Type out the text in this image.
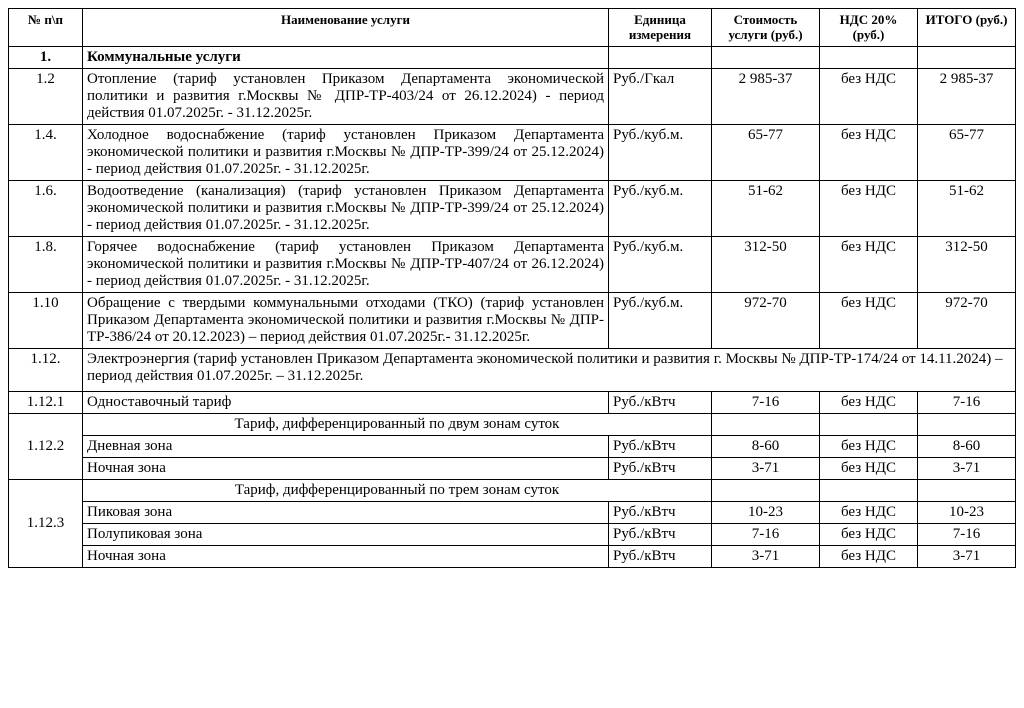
№ п\п	Наименование услуги	Единица измерения	Стоимость услуги (руб.)	НДС 20% (руб.)	ИТОГО (руб.)
1.	Коммунальные услуги				
1.2	Отопление (тариф установлен Приказом Департамента экономической политики и развития г.Москвы № ДПР-ТР-403/24 от 26.12.2024) - период действия 01.07.2025г. - 31.12.2025г.	Руб./Гкал	2 985-37	без НДС	2 985-37
1.4.	Холодное водоснабжение (тариф установлен Приказом Департамента экономической политики и развития г.Москвы № ДПР-ТР-399/24 от 25.12.2024) - период действия 01.07.2025г. - 31.12.2025г.	Руб./куб.м.	65-77	без НДС	65-77
1.6.	Водоотведение (канализация) (тариф установлен Приказом Департамента экономической политики и развития г.Москвы № ДПР-ТР-399/24 от 25.12.2024) - период действия 01.07.2025г. - 31.12.2025г.	Руб./куб.м.	51-62	без НДС	51-62
1.8.	Горячее водоснабжение (тариф установлен Приказом Департамента экономической политики и развития г.Москвы № ДПР-ТР-407/24 от 26.12.2024) - период действия 01.07.2025г. - 31.12.2025г.	Руб./куб.м.	312-50	без НДС	312-50
1.10	Обращение с твердыми коммунальными отходами (ТКО) (тариф установлен Приказом Департамента экономической политики и развития г.Москвы № ДПР-ТР-386/24 от 20.12.2023) – период действия 01.07.2025г.- 31.12.2025г.	Руб./куб.м.	972-70	без НДС	972-70
1.12.	Электроэнергия (тариф установлен Приказом Департамента экономической политики и развития г. Москвы № ДПР-ТР-174/24 от 14.11.2024) – период действия 01.07.2025г. – 31.12.2025г.				
1.12.1	Одноставочный тариф	Руб./кВтч	7-16	без НДС	7-16
1.12.2	Тариф, дифференцированный по двум зонам суток				
	Дневная зона	Руб./кВтч	8-60	без НДС	8-60
	Ночная зона	Руб./кВтч	3-71	без НДС	3-71
1.12.3	Тариф, дифференцированный по трем зонам суток				
	Пиковая зона	Руб./кВтч	10-23	без НДС	10-23
	Полупиковая зона	Руб./кВтч	7-16	без НДС	7-16
	Ночная зона	Руб./кВтч	3-71	без НДС	3-71
